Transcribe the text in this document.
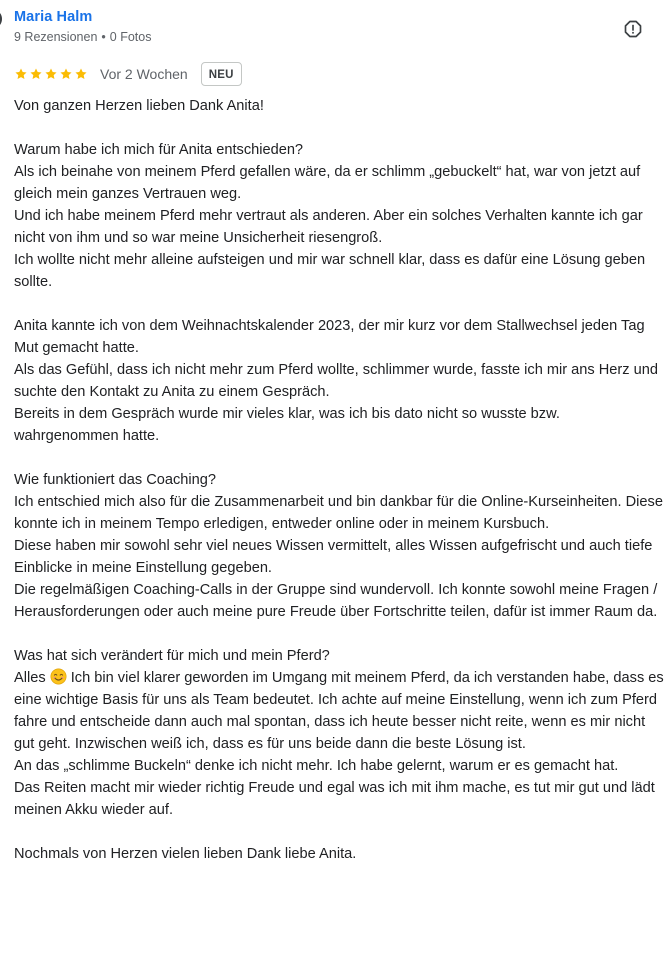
Maria Halm
9 Rezensionen • 0 Fotos
Vor 2 Wochen	NEU

Von ganzen Herzen lieben Dank Anita!

Warum habe ich mich für Anita entschieden?

Als ich beinahe von meinem Pferd gefallen wäre, da er schlimm „gebuckelt“ hat, war von jetzt auf gleich mein ganzes Vertrauen weg.

Und ich habe meinem Pferd mehr vertraut als anderen. Aber ein solches Verhalten kannte ich gar nicht von ihm und so war meine Unsicherheit riesengroß.

Ich wollte nicht mehr alleine aufsteigen und mir war schnell klar, dass es dafür eine Lösung geben sollte.

Anita kannte ich von dem Weihnachtskalender 2023, der mir kurz vor dem Stallwechsel jeden Tag Mut gemacht hatte.

Als das Gefühl, dass ich nicht mehr zum Pferd wollte, schlimmer wurde, fasste ich mir ans Herz und suchte den Kontakt zu Anita zu einem Gespräch.

Bereits in dem Gespräch wurde mir vieles klar, was ich bis dato nicht so wusste bzw. wahrgenommen hatte.

Wie funktioniert das Coaching?

Ich entschied mich also für die Zusammenarbeit und bin dankbar für die Online-Kurseinheiten. Diese konnte ich in meinem Tempo erledigen, entweder online oder in meinem Kursbuch.

Diese haben mir sowohl sehr viel neues Wissen vermittelt, alles Wissen aufgefrischt und auch tiefe Einblicke in meine Einstellung gegeben.

Die regelmäßigen Coaching-Calls in der Gruppe sind wundervoll. Ich konnte sowohl meine Fragen / Herausforderungen oder auch meine pure Freude über Fortschritte teilen, dafür ist immer Raum da.

Was hat sich verändert für mich und mein Pferd?

Alles  Ich bin viel klarer geworden im Umgang mit meinem Pferd, da ich verstanden habe, dass es eine wichtige Basis für uns als Team bedeutet. Ich achte auf meine Einstellung, wenn ich zum Pferd fahre und entscheide dann auch mal spontan, dass ich heute besser nicht reite, wenn es mir nicht gut geht. Inzwischen weiß ich, dass es für uns beide dann die beste Lösung ist.

An das „schlimme Buckeln“ denke ich nicht mehr. Ich habe gelernt, warum er es gemacht hat.

Das Reiten macht mir wieder richtig Freude und egal was ich mit ihm mache, es tut mir gut und lädt meinen Akku wieder auf.

Nochmals von Herzen vielen lieben Dank liebe Anita.
